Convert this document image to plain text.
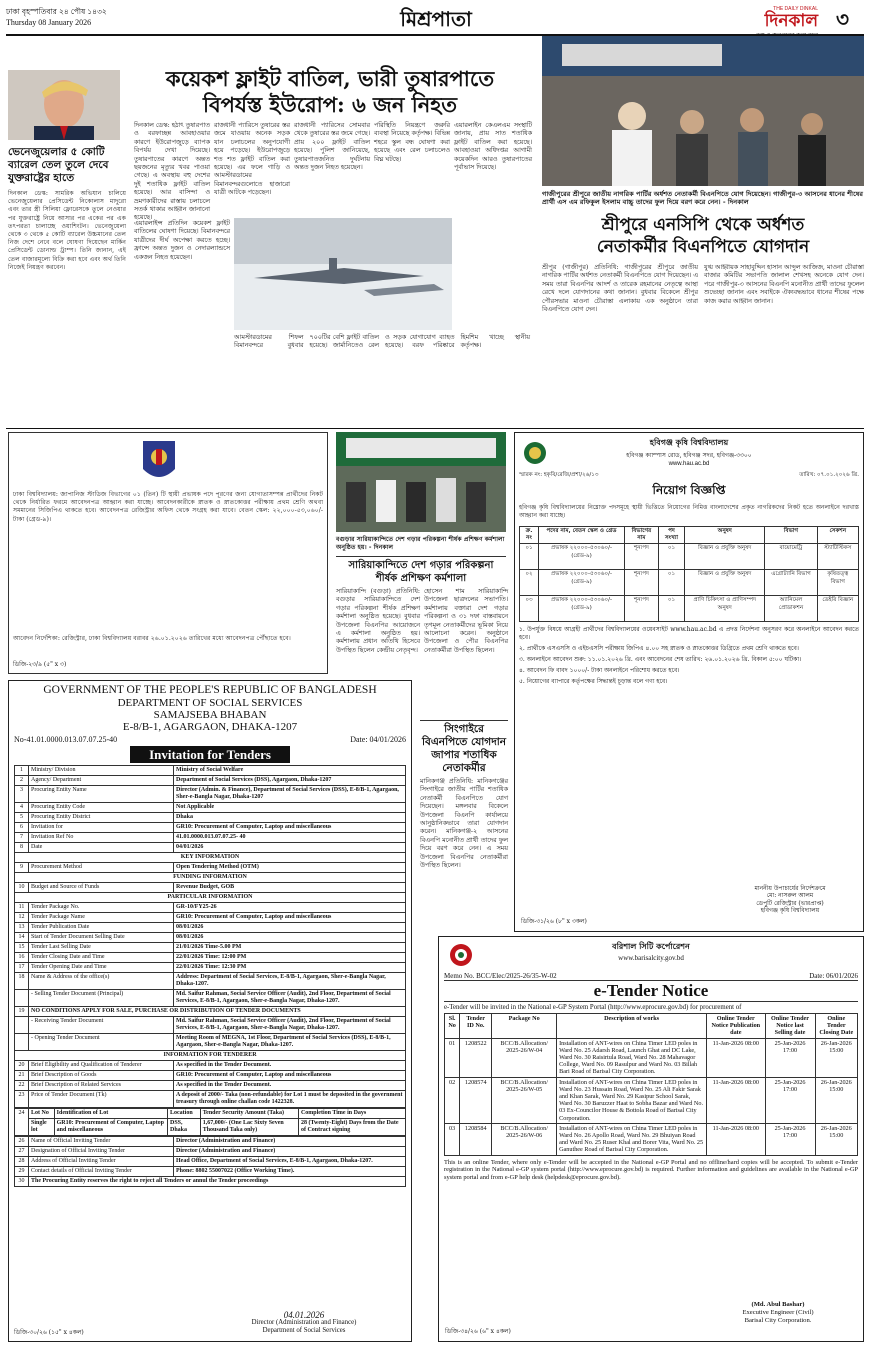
ঢাকা বৃহস্পতিবার ২৪ পৌষ ১৪৩২
Thursday 08 January 2026	মিশ্রপাতা	THE DAILY DINKAL
দিনকাল ৩
ভেনেজুয়েলার ৫ কোটি ব্যারেল তেল তুলে দেবে যুক্তরাষ্ট্রের হাতে
দিনকাল ডেস্ক: সামরিক অভিযান চালিয়ে ভেনেজুয়েলার প্রেসিডেন্ট নিকোলাস মাদুরো এবং তার স্ত্রী সিলিয়া ফ্লোরেসকে তুলে নেওয়ার পর যুক্তরাষ্ট্রে নিয়ে আসার পর একের পর এক তৎপরতা চালাচ্ছে ওয়াশিংটন। ভেনেজুয়েলা থেকে ৩ থেকে ৫ কোটি ব্যারেল উচ্চমানের তেল নিজ দেশে নেবে বলে ঘোষণা দিয়েছেন মার্কিন প্রেসিডেন্ট ডোনাল্ড ট্রাম্প। তিনি জানান, এই তেল বাজারমূল্যে বিক্রি করা হবে এবং অর্থ তিনি নিজেই নিয়ন্ত্রণ করবেন।
কয়েকশ ফ্লাইট বাতিল, ভারী তুষারপাতে
বিপর্যস্ত ইউরোপ: ৬ জন নিহত
দিনকাল ডেস্ক: হঠাৎ তুষারপাত ও বরফাচ্ছন্ন আবহাওয়ার কারণে ইউরোপজুড়ে ব্যাপক বিপর্যয় দেখা দিয়েছে। তুষারপাতের কারণে অন্তত ছয়জনের মৃত্যুর খবর পাওয়া গেছে। এ অবস্থায় বহু দেশের দুই শতাধিক ফ্লাইট বাতিল হয়েছে। আর বাসিন্দা ও ভ্রমণকারীদের রাস্তায় চলাচলে সতর্ক থাকার আহ্বান জানানো হয়েছে।
রাজধানী প্যারিসে তুষারের স্তর জমে যাওয়ায় অনেক সড়ক যান চলাচলের অনুপযোগী হয়ে পড়েছে। ইউরোপজুড়ে শত শত ফ্লাইট বাতিল করা হয়েছে। এর ফলে গাড়ি ও আমস্টারডামের বিমানবন্দরগুলোতে হাজারো যাত্রী আটকে পড়েছেন।
রাজধানী প্যারিসের সোমবার থেকে তুষারের স্তর জমে গেছে। প্রায় ২০০ ফ্লাইট বাতিল হয়েছে। পুলিশ জানিয়েছে, তুষারপাতজনিত দুর্ঘটনায় অন্তত দুজন নিহত হয়েছেন।
পরিস্থিতি নিয়ন্ত্রণে জরুরি ব্যবস্থা নিয়েছে কর্তৃপক্ষ। বিভিন্ন শহরে স্কুল বন্ধ ঘোষণা করা হয়েছে এবং রেল চলাচলেও বিঘ্ন ঘটছে।
এয়ারলাইন কেএলএম সংস্থাটি জানায়, প্রায় সাত শতাধিক ফ্লাইট বাতিল করা হয়েছে। আবহাওয়া অধিদপ্তর আগামী কয়েকদিন আরও তুষারপাতের পূর্বাভাস দিয়েছে।
এয়ারলাইন্স প্রতিদিন কয়েকশ ফ্লাইট বাতিলের ঘোষণা দিয়েছে। বিমানবন্দরে যাত্রীদের দীর্ঘ অপেক্ষা করতে হচ্ছে। ফ্রান্সে অন্তত দুজন ও নেদারল্যান্ডসে একজন নিহত হয়েছেন।
আমস্টারডামের শিফল বিমানবন্দরে বুধবার ৭০০টির বেশি ফ্লাইট বাতিল হয়েছে। জার্মানিতেও রেল ও সড়ক যোগাযোগ ব্যাহত হয়েছে। বরফ পরিষ্কারে হিমশিম খাচ্ছে স্থানীয় কর্তৃপক্ষ।
গাজীপুরের শ্রীপুরে জাতীয় নাগরিক পার্টির অর্ধশত নেতাকর্মী বিএনপিতে যোগ দিয়েছেন। গাজীপুর-৩ আসনের ধানের শীষের প্রার্থী এস এম রফিকুল ইসলাম বাচ্চু তাদের ফুল দিয়ে বরণ করে নেন। - দিনকাল
শ্রীপুরে এনসিপি থেকে অর্ধশত
নেতাকর্মীর বিএনপিতে যোগদান
শ্রীপুর (গাজীপুর) প্রতিনিধি: গাজীপুরের শ্রীপুরে জাতীয় নাগরিক পার্টির অর্ধশত নেতাকর্মী বিএনপিতে যোগ দিয়েছেন। এ সময় তারা বিএনপির আদর্শ ও তারেক রহমানের নেতৃত্বে আস্থা রেখে দলে যোগদানের কথা জানান। বুধবার বিকেলে শ্রীপুর পৌরসভার মাওনা চৌরাস্তা এলাকায় এক অনুষ্ঠানে তারা বিএনপিতে যোগ দেন।
যুগ্ম আহ্বায়ক সাহাবুদ্দিন হাসান আব্দুল আজিজ, মাওনা চৌরাস্তা বাজার কমিটির সভাপতি জালাল শেখসহ অনেকে যোগ দেন। পরে গাজীপুর-৩ আসনের বিএনপি মনোনীত প্রার্থী তাদের ফুলেল শুভেচ্ছা জানান এবং সবাইকে ঐক্যবদ্ধভাবে ধানের শীষের পক্ষে কাজ করার আহ্বান জানান।
ঢাকা বিশ্ববিদ্যালয়: জাপানিজ স্টাডিজ বিভাগের ০১ (তিন) টি স্থায়ী প্রভাষক পদে পূরণের জন্য যোগ্যতাসম্পন্ন প্রার্থীদের নিকট থেকে নির্ধারিত ফরমে আবেদনপত্র আহ্বান করা যাচ্ছে। আবেদনকারীকে স্নাতক ও স্নাতকোত্তর পরীক্ষায় প্রথম শ্রেণি অথবা সমমানের সিজিপিএ থাকতে হবে। আবেদনপত্র রেজিস্ট্রার অফিস থেকে সংগ্রহ করা যাবে। বেতন স্কেল: ২২,০০০-৫৩,০৬০/- টাকা (গ্রেড-৯)।
আবেদন নির্দেশিকা: রেজিস্ট্রার, ঢাকা বিশ্ববিদ্যালয় বরাবর ২৬.০১.২০২৬ তারিখের মধ্যে আবেদনপত্র পৌঁছাতে হবে।
ডিজি-২৩/৯ (৫" x ৩)
বগুড়ার সারিয়াকান্দিতে দেশ গড়ার পরিকল্পনা শীর্ষক প্রশিক্ষণ কর্মশালা অনুষ্ঠিত হয়। - দিনকাল
সারিয়াকান্দিতে দেশ গড়ার পরিকল্পনা
শীর্ষক প্রশিক্ষণ কর্মশালা
সারিয়াকান্দি (বগুড়া) প্রতিনিধি: বগুড়ার সারিয়াকান্দিতে দেশ গড়ার পরিকল্পনা শীর্ষক প্রশিক্ষণ কর্মশালা অনুষ্ঠিত হয়েছে। বুধবার উপজেলা বিএনপির আয়োজনে এ কর্মশালা অনুষ্ঠিত হয়। কর্মশালায় প্রধান অতিথি হিসেবে উপস্থিত ছিলেন কেন্দ্রীয় নেতৃবৃন্দ।
হোসেন শাম সারিয়াকান্দি উপজেলা ছাত্রদলের সভাপতি। কর্মশালায় বক্তারা দেশ গড়ার পরিকল্পনা ও ৩১ দফা বাস্তবায়নে তৃণমূল নেতাকর্মীদের ভূমিকা নিয়ে আলোচনা করেন। অনুষ্ঠানে উপজেলা ও পৌর বিএনপির নেতাকর্মীরা উপস্থিত ছিলেন।
সিংগাইরে বিএনপিতে যোগদান জাপার শতাধিক নেতাকর্মীর
মানিকগঞ্জ প্রতিনিধি: মানিকগঞ্জের সিংগাইরে জাতীয় পার্টির শতাধিক নেতাকর্মী বিএনপিতে যোগ দিয়েছেন। মঙ্গলবার বিকেলে উপজেলা বিএনপি কার্যালয়ে আনুষ্ঠানিকভাবে তারা যোগদান করেন। মানিকগঞ্জ-২ আসনের বিএনপি মনোনীত প্রার্থী তাদের ফুল দিয়ে বরণ করে নেন। এ সময় উপজেলা বিএনপির নেতাকর্মীরা উপস্থিত ছিলেন।
GOVERNMENT OF THE PEOPLE'S REPUBLIC OF BANGLADESH
DEPARTMENT OF SOCIAL SERVICES
SAMAJSEBA BHABAN
E-8/B-1, AGARGAON, DHAKA-1207
No-41.01.0000.013.07.07.25-40	Date: 04/01/2026
Invitation for Tenders
1	Ministry/ Division	Ministry of Social Welfare
2	Agency/ Department	Department of Social Services (DSS), Agargaon, Dhaka-1207
3	Procuring Entity Name	Director (Admin. & Finance), Department of Social Services (DSS), E-8/B-1, Agargaon, Sher-e-Bangla Nagar, Dhaka-1207
4	Procuring Entity Code	Not Applicable
5	Procuring Entity District	Dhaka
6	Invitation for	GR10: Procurement of Computer, Laptop and miscellaneous
7	Invitation Ref No	41.01.0000.013.07.07.25- 40
8	Date	04/01/2026
KEY INFORMATION		
9	Procurement Method	Open Tendering Method (OTM)
FUNDING INFORMATION		
10	Budget and Source of Funds	Revenue Budget, GOB
PARTICULAR INFORMATION		
11	Tender Package No.	GR-10/FY25-26
12	Tender Package Name	GR10: Procurement of Computer, Laptop and miscellaneous
13	Tender Publication Date	08/01/2026
14	Start of Tender Document Selling Date	08/01/2026
15	Tender Last Selling Date	21/01/2026 Time-5.00 PM
16	Tender Closing Date and Time	22/01/2026 Time: 12:00 PM
17	Tender Opening Date and Time	22/01/2026 Time: 12:30 PM
18	Name & Address of the office(s)	Address: Department of Social Services, E-8/B-1, Agargaon, Sher-e-Bangla Nagar, Dhaka-1207.
	- Selling Tender Document (Principal)	Md. Saifur Rahman, Social Service Officer (Audit), 2nd Floor, Department of Social Services, E-8/B-1, Agargaon, Sher-e-Bangla Nagar, Dhaka-1207.
19	NO CONDITIONS APPLY FOR SALE, PURCHASE OR DISTRIBUTION OF TENDER DOCUMENTS	
	- Receiving Tender Document	Md. Saifur Rahman, Social Service Officer (Audit), 2nd Floor, Department of Social Services, E-8/B-1, Agargaon, Sher-e-Bangla Nagar, Dhaka-1207.
	- Opening Tender Document	Meeting Room of MEGNA, 1st Floor, Department of Social Services (DSS), E-8/B-1, Agargaon, Sher-e-Bangla Nagar, Dhaka-1207.
INFORMATION FOR TENDERER		
20	Brief Eligibility and Qualification of Tenderer	As specified in the Tender Document.
21	Brief Description of Goods	GR10: Procurement of Computer, Laptop and miscellaneous
22	Brief Description of Related Services	As specified in the Tender Document.
23	Price of Tender Document (Tk)	A deposit of 2000/- Taka (non-refundable) for Lot 1 must be deposited in the government treasury through online challan code 1422328.
24	Lot No	Identification of Lot	Location	Tender Security Amount (Taka)	Completion Time in Days
	Single lot	GR10: Procurement of Computer, Laptop and miscellaneous	DSS, Dhaka	1,67,000/- (One Lac Sixty Seven Thousand Taka only)	28 (Twenty-Eight) Days from the Date of Contract signing
26	Name of Official Inviting Tender	Director (Administration and Finance)
27	Designation of Official Inviting Tender	Director (Administration and Finance)
28	Address of Official Inviting Tender	Head Office, Department of Social Services, E-8/B-1, Agargaon, Dhaka-1207.
29	Contact details of Official Inviting Tender	Phone: 8802 55007022 (Office Working Time).
30	The Procuring Entity reserves the right to reject all Tenders or annul the Tender proceedings	
04.01.2026
Director (Administration and Finance)
Department of Social Services
ডিজি-৩০/২৬ (১৫" x ৪কল)
হবিগঞ্জ কৃষি বিশ্ববিদ্যালয়
হবিগঞ্জ ক্যাম্পাস রোড, হবিগঞ্জ সদর, হবিগঞ্জ-৩৩০০
www.hau.ac.bd
স্মারক নং: হকৃবি/রেজি/প্রশা/২৬/১৩	তারিখ: ০৭.০১.২০২৬ খ্রি.
নিয়োগ বিজ্ঞপ্তি
হবিগঞ্জ কৃষি বিশ্ববিদ্যালয়ের নিম্নোক্ত পদসমূহে স্থায়ী ভিত্তিতে নিয়োগের নিমিত্ত বাংলাদেশের প্রকৃত নাগরিকদের নিকট হতে অনলাইনে দরখাস্ত আহ্বান করা যাচ্ছে।
ক্র. নং	পদের নাম, বেতন স্কেল ও গ্রেড	বিভাগের নাম	পদ সংখ্যা	অনুষদ	বিভাগ	সেকশন
০১	প্রভাষক ২২০০০-৫৩০৬০/- (গ্রেড-৯)	শূন্যপদ	০১	বিজ্ঞান ও প্রযুক্তি অনুষদ	বায়োমেট্রি	স্ট্যাটিস্টিকস
০২	প্রভাষক ২২০০০-৫৩০৬০/- (গ্রেড-৯)	শূন্যপদ	০১	বিজ্ঞান ও প্রযুক্তি অনুষদ	এগ্রোট্যানি বিভাগ	কৃষিতত্ত্ব বিভাগ
০৩	প্রভাষক ২২০০০-৫৩০৬০/- (গ্রেড-৯)	শূন্যপদ	০১	প্রাণি চিকিৎসা ও প্রাণিসম্পদ অনুষদ	অ্যানিমেল প্রোডাকশন	ডেইরি বিজ্ঞান
১. উপর্যুক্ত বিষয়ে আগ্রহী প্রার্থীদের বিশ্ববিদ্যালয়ের ওয়েবসাইট www.hau.ac.bd এ প্রদত্ত নির্দেশনা অনুসরণ করে অনলাইনে আবেদন করতে হবে।
২. প্রার্থীকে এসএসসি ও এইচএসসি পরীক্ষায় জিপিএ ৪.০০ সহ স্নাতক ও স্নাতকোত্তর ডিগ্রিতে প্রথম শ্রেণি থাকতে হবে।
৩. অনলাইনে আবেদন শুরু: ১১.০১.২০২৬ খ্রি. এবং আবেদনের শেষ তারিখ: ২৬.০১.২০২৬ খ্রি. বিকাল ৫:০০ ঘটিকা।
৪. আবেদন ফি বাবদ ১০০০/- টাকা অনলাইনে পরিশোধ করতে হবে।
৫. নিয়োগের ব্যাপারে কর্তৃপক্ষের সিদ্ধান্তই চূড়ান্ত বলে গণ্য হবে।
মাননীয় উপাচার্যের নির্দেশক্রমে
মো: নাসরুল আলম
ডেপুটি রেজিস্ট্রার (ভারপ্রাপ্ত)
হবিগঞ্জ কৃষি বিশ্ববিদ্যালয়
ডিজি-৩১/২৬ (৮" x ৩কল)
বরিশাল সিটি কর্পোরেশন
www.barisalcity.gov.bd
Memo No. BCC/Elec/2025-26/35-W-02	Date: 06/01/2026
e-Tender Notice
e-Tender will be invited in the National e-GP System Portal (http://www.eprocure.gov.bd) for procurement of
Sl. No	Tender ID No.	Package No	Description of works	Online Tender Notice Publication date	Online Tender Notice last Selling date	Online Tender Closing Date
01	1208522	BCC/B.Allocation/ 2025-26/W-04	Installation of ANT-wires on China Timer LED poles in Ward No. 25 Adarsh Road, Launch Ghat and DC Lake, Ward No. 30 Raisirtula Road, Ward No. 28 Mahavagor College, Ward No. 09 Rasulpur and Ward No. 03 Billah Bari Road of Barisal City Corporation.	11-Jan-2026 08:00	25-Jan-2026 17:00	26-Jan-2026 15:00
02	1208574	BCC/B.Allocation/ 2025-26/W-05	Installation of ANT-wires on China Timer LED poles in Ward No. 23 Hussain Road, Ward No. 25 Ali Fakir Sarak and Khan Sarak, Ward No. 29 Kasipur School Sarak, Ward No. 30 Baruzzer Haat to Sobha Bazar and Ward No. 03 Ex-Councilor House & Bottola Road of Barisal City Corporation.	11-Jan-2026 08:00	25-Jan-2026 17:00	26-Jan-2026 15:00
03	1208584	BCC/B.Allocation/ 2025-26/W-06	Installation of ANT-wires on China Timer LED poles in Ward No. 26 Apollo Road, Ward No. 29 Bhuiyan Road and Ward No. 25 Ruser Khal and Borer Vita, Ward No. 25 Ganuthee Road of Barisal City Corporation.	11-Jan-2026 08:00	25-Jan-2026 17:00	26-Jan-2026 15:00
This is an online Tender, where only e-Tender will be accepted in the National e-GP Portal and no offline/hard copies will be accepted. To submit e-Tender registration in the National e-GP system portal (http://www.eprocure.gov.bd) is required. Further information and guidelines are available in the National e-GP system portal and from e-GP help desk (helpdesk@eprocure.gov.bd).
(Md. Abul Bashar)
Executive Engineer (Civil)
Barisal City Corporation.
ডিজি-৩৪/২৬ (৬" x ৪কল)
